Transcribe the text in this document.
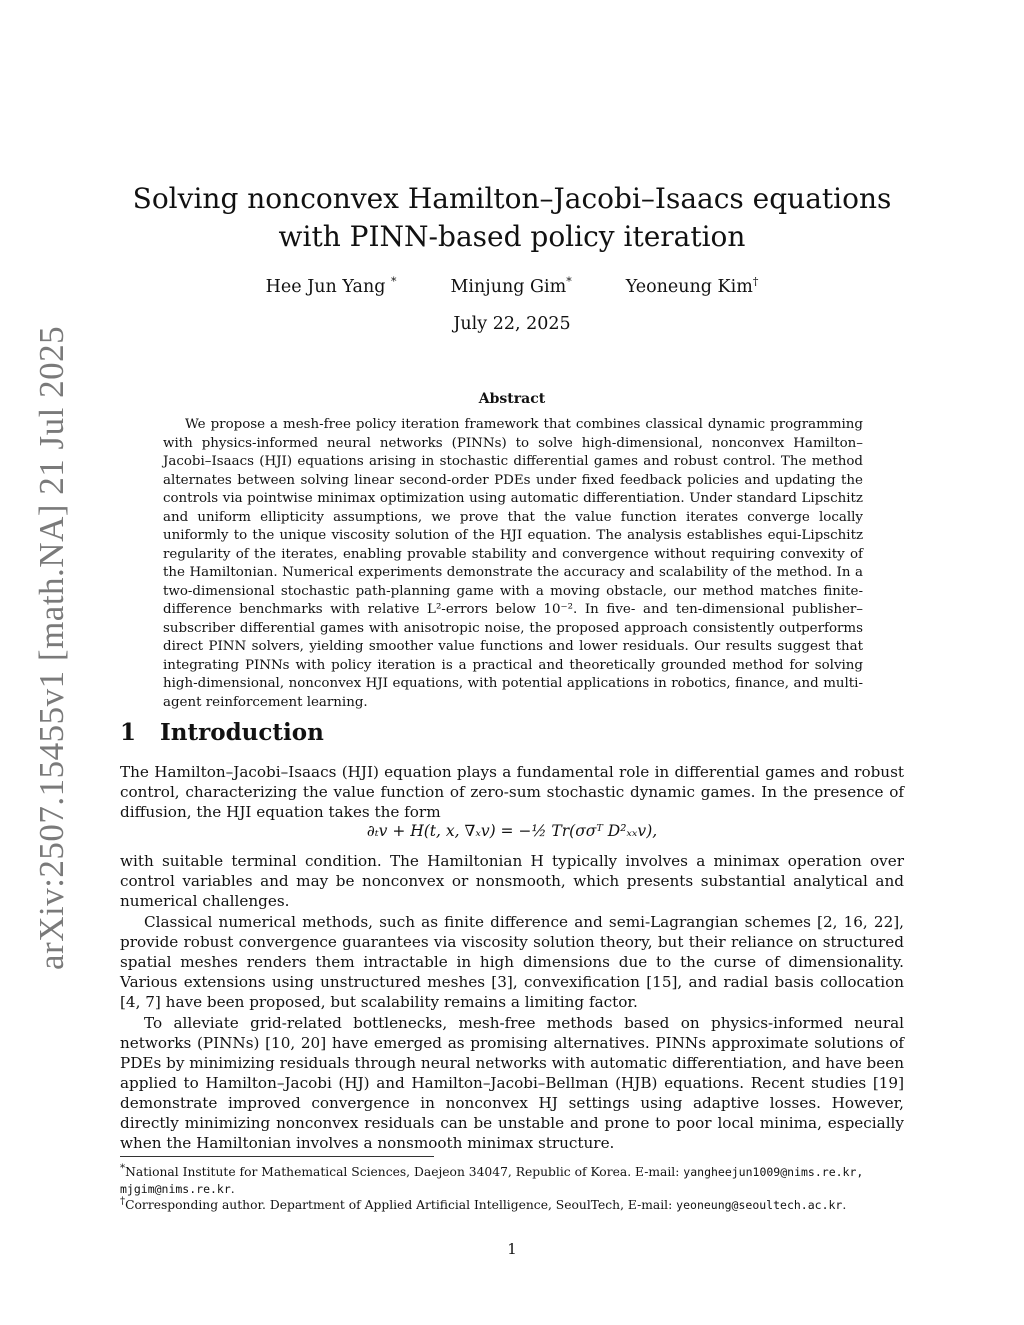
arXiv:2507.15455v1 [math.NA] 21 Jul 2025
Solving nonconvex Hamilton–Jacobi–Isaacs equations with PINN-based policy iteration
Hee Jun Yang *	Minjung Gim*	Yeoneung Kim†
July 22, 2025
Abstract

We propose a mesh-free policy iteration framework that combines classical dynamic programming with physics-informed neural networks (PINNs) to solve high-dimensional, nonconvex Hamilton–Jacobi–Isaacs (HJI) equations arising in stochastic differential games and robust control. The method alternates between solving linear second-order PDEs under fixed feedback policies and updating the controls via pointwise minimax optimization using automatic differentiation. Under standard Lipschitz and uniform ellipticity assumptions, we prove that the value function iterates converge locally uniformly to the unique viscosity solution of the HJI equation. The analysis establishes equi-Lipschitz regularity of the iterates, enabling provable stability and convergence without requiring convexity of the Hamiltonian. Numerical experiments demonstrate the accuracy and scalability of the method. In a two-dimensional stochastic path-planning game with a moving obstacle, our method matches finite-difference benchmarks with relative L²-errors below 10⁻². In five- and ten-dimensional publisher–subscriber differential games with anisotropic noise, the proposed approach consistently outperforms direct PINN solvers, yielding smoother value functions and lower residuals. Our results suggest that integrating PINNs with policy iteration is a practical and theoretically grounded method for solving high-dimensional, nonconvex HJI equations, with potential applications in robotics, finance, and multi-agent reinforcement learning.

1 Introduction

The Hamilton–Jacobi–Isaacs (HJI) equation plays a fundamental role in differential games and robust control, characterizing the value function of zero-sum stochastic dynamic games. In the presence of diffusion, the HJI equation takes the form

∂ₜv + H(t, x, ∇ₓv) = −½ Tr(σσᵀ D²ₓₓv),

with suitable terminal condition. The Hamiltonian H typically involves a minimax operation over control variables and may be nonconvex or nonsmooth, which presents substantial analytical and numerical challenges.

Classical numerical methods, such as finite difference and semi-Lagrangian schemes [2, 16, 22], provide robust convergence guarantees via viscosity solution theory, but their reliance on structured spatial meshes renders them intractable in high dimensions due to the curse of dimensionality. Various extensions using unstructured meshes [3], convexification [15], and radial basis collocation [4, 7] have been proposed, but scalability remains a limiting factor.

To alleviate grid-related bottlenecks, mesh-free methods based on physics-informed neural networks (PINNs) [10, 20] have emerged as promising alternatives. PINNs approximate solutions of PDEs by minimizing residuals through neural networks with automatic differentiation, and have been applied to Hamilton–Jacobi (HJ) and Hamilton–Jacobi–Bellman (HJB) equations. Recent studies [19] demonstrate improved convergence in nonconvex HJ settings using adaptive losses. However, directly minimizing nonconvex residuals can be unstable and prone to poor local minima, especially when the Hamiltonian involves a nonsmooth minimax structure.

*National Institute for Mathematical Sciences, Daejeon 34047, Republic of Korea. E-mail: yangheejun1009@nims.re.kr, mjgim@nims.re.kr.

†Corresponding author. Department of Applied Artificial Intelligence, SeoulTech, E-mail: yeoneung@seoultech.ac.kr.

1
